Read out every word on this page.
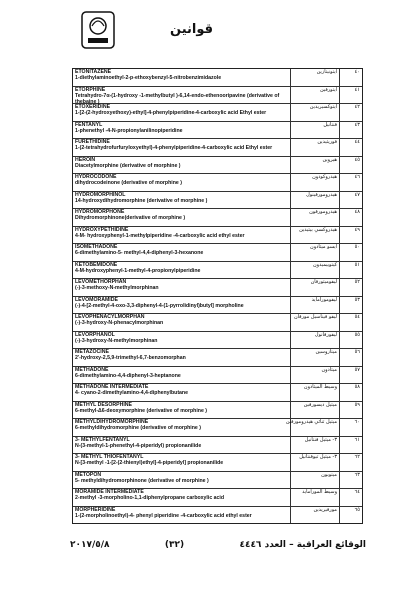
قوانين
ETONITAZENE
1-diethylaminoethyl-2-p-ethoxybenzyl-5-nitrobenzimidazole
ايتونيتازين	٤٠
ETORPHINE
Tetrahydro-7α-(1-hydroxy -1-methylbutyl )-6,14-endo-ethenooripavine (derivative of thebaine )
ايتورفين	٤١
ETOXERIDINE
1-[2-(2-hydroxyethoxy)-ethyl]-4-phenylpiperidine-4-carboxylic acid Ethyl ester
ايتوكسيريدين	٤٢
FENTANYL
1-phenethyl -4-N-propionylanilinopiperidine
فنتانيل	٤٣
FURETHIDINE
1-(2-tetrahydrofurfuryloxyethyl)-4-phenylpiperidine-4-carboxylic acid Ethyl ester
فوريثيدين	٤٤
HEROIN
Diacetylmorphine (derivative of morphine )
هيروين	٤٥
HYDROCODONE
dihydrocodeinone (derivative of morphine )
هيدروكودون	٤٦
HYDROMORPHINOL
14-hydroxydihydromorphine (derivative of morphine )
هيدرومورفينول	٤٧
HYDROMORPHONE
Dihydromorphinone(derivative of morphine )
هيدرومورفون	٤٨
HYDROXYPETHIDINE
4-M- hydroxyphenyl-1-methylpiperidine -4-carboxylic acid ethyl ester
هيدروكسي بيثيدين	٤٩
ISOMETHADONE
6-dimethylamino-5- methyl-4,4-diphenyl-3-hexanone
ايسو ميثادون	٥٠
KETOBEMIDONE
4-M-hydroxyphenyl-1-methyl-4-propionylpiperidine
كيتوبيميدون	٥١
LEVOMETHORPHAN
(-)-3-methoxy-N-methylmorphinan
ليفوميثورفان	٥٢
LEVOMORAMIDE
(-)-4-[2-methyl-4-oxo-3,3-diphenyl-4-(1-pyrrolidinyl)butyl] morpholine
ليفومورامايد	٥٣
LEVOPHENACYLMORPHAN
(-)-3-hydroxy-N-phenacylmorphinan
ليفو فيناسيل مورفان	٥٤
LEVORPHANOL
(-)-3-hydroxy-N-methylmorphinan
ليفورفانول	٥٥
METAZOCINE
2'-hydroxy-2,5,9-trimethyl-6,7-benzomorphan
ميتازوسين	٥٦
METHADONE
6-dimethylamino-4,4-diphenyl-3-heptanone
ميثادون	٥٧
METHADONE INTERMEDIATE
4- cyano-2-dimethylamino-4,4-diphenylbutane
وسيط الميثادون	٥٨
METHYL DESORPHINE
6-methyl-Δ6-deoxymorphine (derivative of morphine )
ميثيل ديسورفين	٥٩
METHYLDIHYDROMORPHINE
6-methyldihydromorphine (derivative of morphine )
ميثيل ثنائي هيدرومورفين	٦٠
3- METHYLFENTANYL
N-(3-methyl-1-phenethyl-4-piperidyl) propionanilide
٣- ميثيل فنتانيل	٦١
3- METHYL THIOFENTANYL
N-[3-methyl -1-[2-(2-thienyl)ethyl]-4-piperidyl] propionanilide
٣- ميثيل ثيوفنتانيل	٦٢
METOPON
5- methyldihydromorphinone (derivative of morphine )
ميتوبون	٦٣
MORAMIDE INTERMEDIATE
2-methyl -3-morpholino-1,1-diphenylpropane carboxylic acid
وسيط المورامايد	٦٤
MORPHERIDINE
1-(2-morpholinoethyl)-4- phenyl piperidine -4-carboxylic acid ethyl ester
مورفيريدين	٦٥
الوقائع العراقية – العدد ٤٤٤٦
(٣٢)
٢٠١٧/٥/٨
